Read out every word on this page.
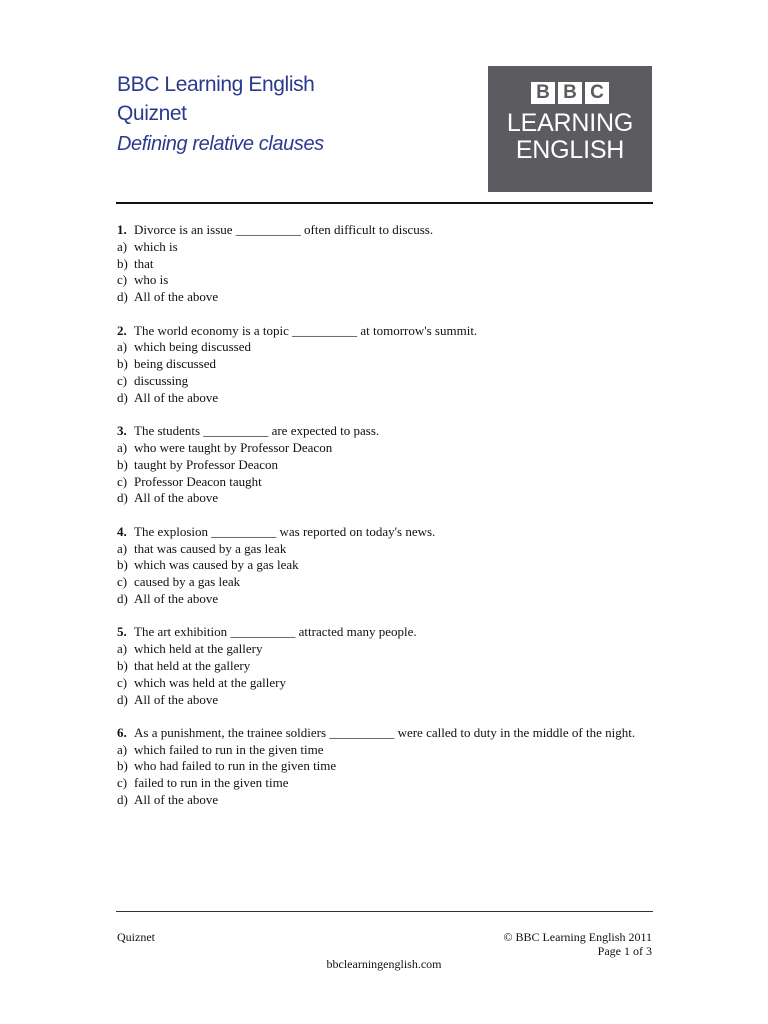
BBC Learning English
Quiznet
Defining relative clauses
B B C
LEARNING
ENGLISH
1. Divorce is an issue __________ often difficult to discuss.
a) which is
b) that
c) who is
d) All of the above
2. The world economy is a topic __________ at tomorrow's summit.
a) which being discussed
b) being discussed
c) discussing
d) All of the above
3. The students __________ are expected to pass.
a) who were taught by Professor Deacon
b) taught by Professor Deacon
c) Professor Deacon taught
d) All of the above
4. The explosion __________ was reported on today's news.
a) that was caused by a gas leak
b) which was caused by a gas leak
c) caused by a gas leak
d) All of the above
5. The art exhibition __________ attracted many people.
a) which held at the gallery
b) that held at the gallery
c) which was held at the gallery
d) All of the above
6. As a punishment, the trainee soldiers __________ were called to duty in the middle of the night.
a) which failed to run in the given time
b) who had failed to run in the given time
c) failed to run in the given time
d) All of the above
Quiznet	© BBC Learning English 2011
Page 1 of 3
bbclearningenglish.com
